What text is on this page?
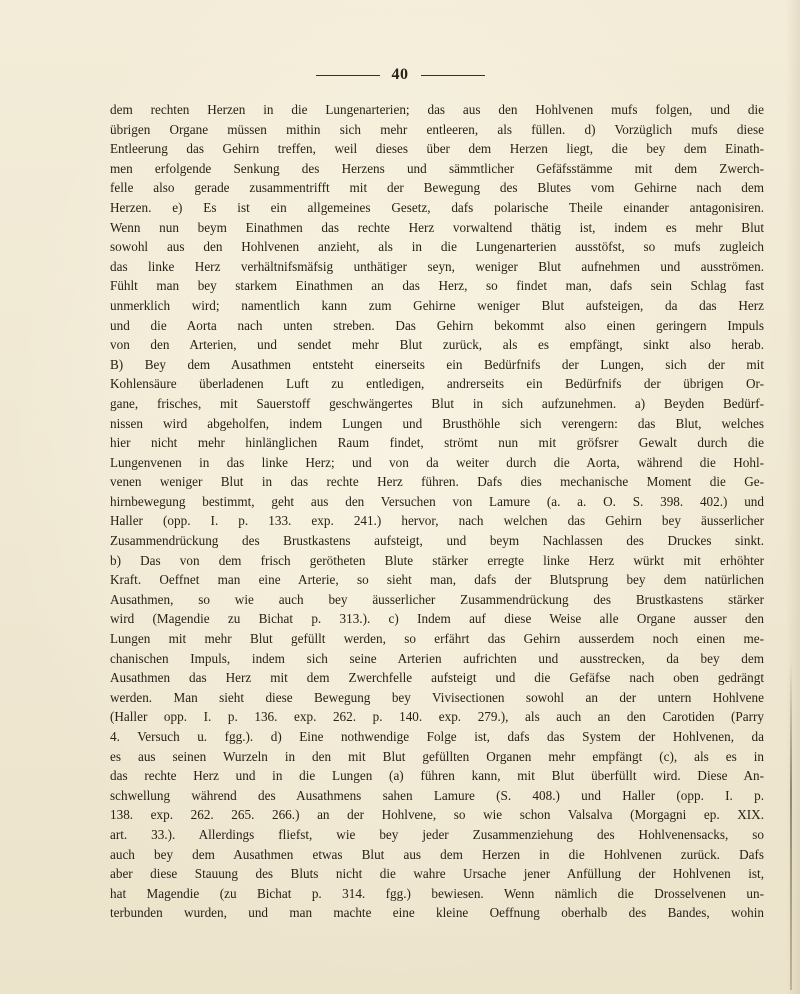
40
dem rechten Herzen in die Lungenarterien; das aus den Hohlvenen mufs folgen, und die
übrigen Organe müssen mithin sich mehr entleeren, als füllen. d) Vorzüglich mufs diese
Entleerung das Gehirn treffen, weil dieses über dem Herzen liegt, die bey dem Einath-
men erfolgende Senkung des Herzens und sämmtlicher Gefäfsstämme mit dem Zwerch-
felle also gerade zusammentrifft mit der Bewegung des Blutes vom Gehirne nach dem
Herzen. e) Es ist ein allgemeines Gesetz, dafs polarische Theile einander antagonisiren.
Wenn nun beym Einathmen das rechte Herz vorwaltend thätig ist, indem es mehr Blut
sowohl aus den Hohlvenen anzieht, als in die Lungenarterien ausstöfst, so mufs zugleich
das linke Herz verhältnifsmäfsig unthätiger seyn, weniger Blut aufnehmen und ausströmen.
Fühlt man bey starkem Einathmen an das Herz, so findet man, dafs sein Schlag fast
unmerklich wird; namentlich kann zum Gehirne weniger Blut aufsteigen, da das Herz
und die Aorta nach unten streben. Das Gehirn bekommt also einen geringern Impuls
von den Arterien, und sendet mehr Blut zurück, als es empfängt, sinkt also herab.
B) Bey dem Ausathmen entsteht einerseits ein Bedürfnifs der Lungen, sich der mit
Kohlensäure überladenen Luft zu entledigen, andrerseits ein Bedürfnifs der übrigen Or-
gane, frisches, mit Sauerstoff geschwängertes Blut in sich aufzunehmen. a) Beyden Bedürf-
nissen wird abgeholfen, indem Lungen und Brusthöhle sich verengern: das Blut, welches
hier nicht mehr hinlänglichen Raum findet, strömt nun mit gröfsrer Gewalt durch die
Lungenvenen in das linke Herz; und von da weiter durch die Aorta, während die Hohl-
venen weniger Blut in das rechte Herz führen. Dafs dies mechanische Moment die Ge-
hirnbewegung bestimmt, geht aus den Versuchen von Lamure (a. a. O. S. 398. 402.) und
Haller (opp. I. p. 133. exp. 241.) hervor, nach welchen das Gehirn bey äusserlicher
Zusammendrückung des Brustkastens aufsteigt, und beym Nachlassen des Druckes sinkt.
b) Das von dem frisch gerötheten Blute stärker erregte linke Herz würkt mit erhöhter
Kraft. Oeffnet man eine Arterie, so sieht man, dafs der Blutsprung bey dem natürlichen
Ausathmen, so wie auch bey äusserlicher Zusammendrückung des Brustkastens stärker
wird (Magendie zu Bichat p. 313.). c) Indem auf diese Weise alle Organe ausser den
Lungen mit mehr Blut gefüllt werden, so erfährt das Gehirn ausserdem noch einen me-
chanischen Impuls, indem sich seine Arterien aufrichten und ausstrecken, da bey dem
Ausathmen das Herz mit dem Zwerchfelle aufsteigt und die Gefäfse nach oben gedrängt
werden. Man sieht diese Bewegung bey Vivisectionen sowohl an der untern Hohlvene
(Haller opp. I. p. 136. exp. 262. p. 140. exp. 279.), als auch an den Carotiden (Parry
4. Versuch u. fgg.). d) Eine nothwendige Folge ist, dafs das System der Hohlvenen, da
es aus seinen Wurzeln in den mit Blut gefüllten Organen mehr empfängt (c), als es in
das rechte Herz und in die Lungen (a) führen kann, mit Blut überfüllt wird. Diese An-
schwellung während des Ausathmens sahen Lamure (S. 408.) und Haller (opp. I. p.
138. exp. 262. 265. 266.) an der Hohlvene, so wie schon Valsalva (Morgagni ep. XIX.
art. 33.). Allerdings fliefst, wie bey jeder Zusammenziehung des Hohlvenensacks, so
auch bey dem Ausathmen etwas Blut aus dem Herzen in die Hohlvenen zurück. Dafs
aber diese Stauung des Bluts nicht die wahre Ursache jener Anfüllung der Hohlvenen ist,
hat Magendie (zu Bichat p. 314. fgg.) bewiesen. Wenn nämlich die Drosselvenen un-
terbunden wurden, und man machte eine kleine Oeffnung oberhalb des Bandes, wohin
